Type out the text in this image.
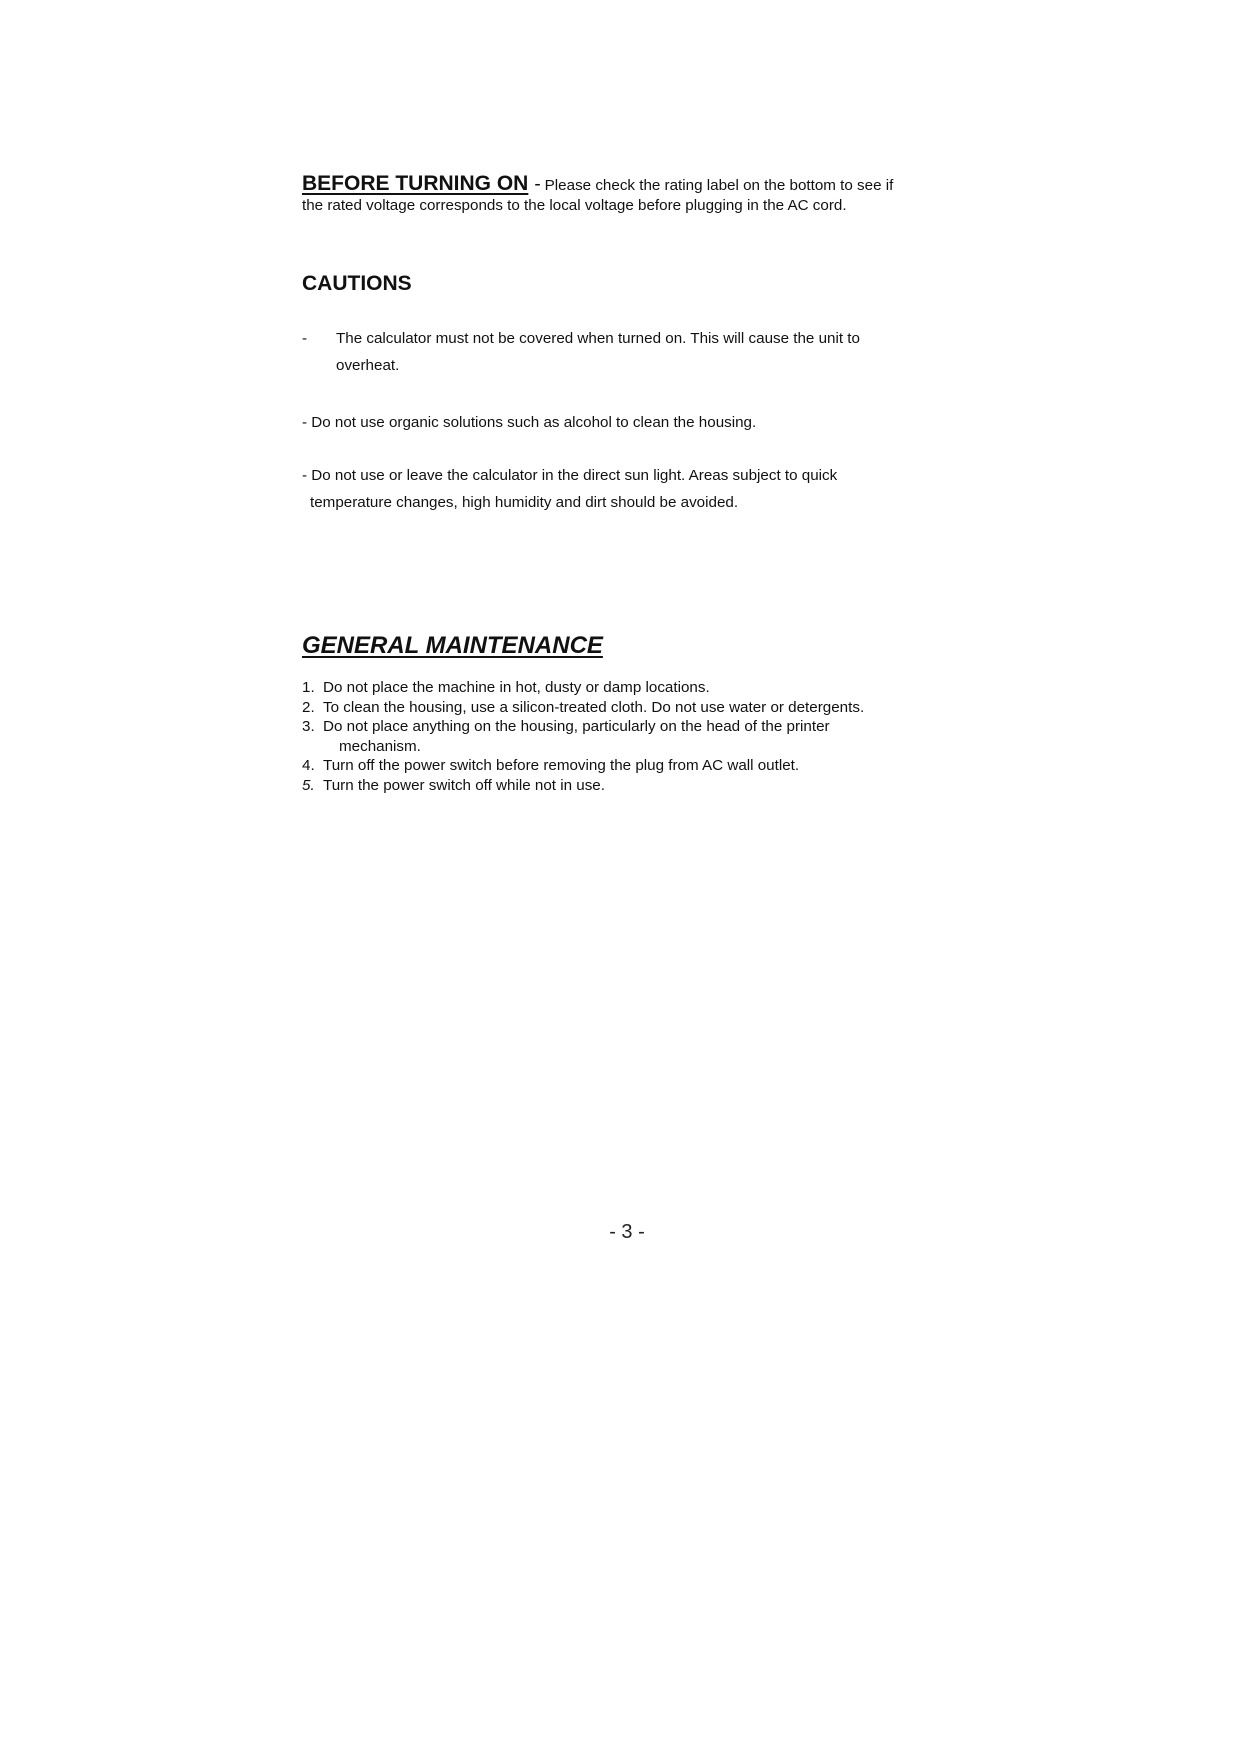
BEFORE TURNING ON - Please check the rating label on the bottom to see if
the rated voltage corresponds to the local voltage before plugging in the AC cord.
CAUTIONS
- The calculator must not be covered when turned on. This will cause the unit to
overheat.
- Do not use organic solutions such as alcohol to clean the housing.
- Do not use or leave the calculator in the direct sun light. Areas subject to quick
temperature changes, high humidity and dirt should be avoided.
GENERAL MAINTENANCE
1. Do not place the machine in hot, dusty or damp locations.
2. To clean the housing, use a silicon-treated cloth. Do not use water or detergents.
3. Do not place anything on the housing, particularly on the head of the printer
mechanism.
4. Turn off the power switch before removing the plug from AC wall outlet.
5. Turn the power switch off while not in use.
- 3 -
